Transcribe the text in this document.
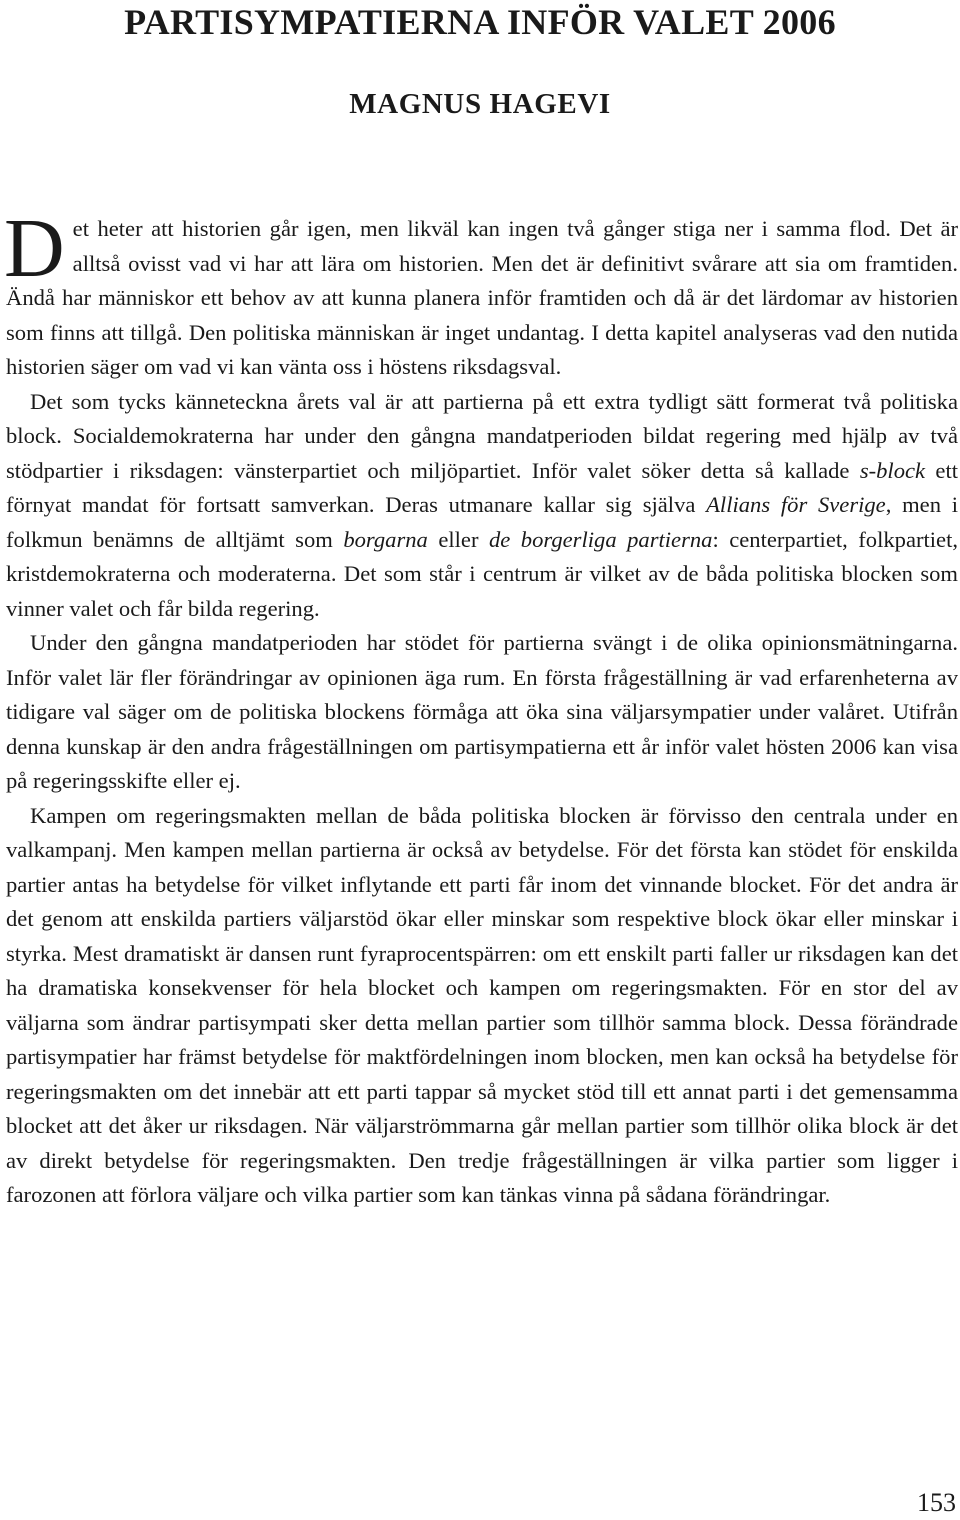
PARTISYMPATIERNA INFÖR VALET 2006
MAGNUS HAGEVI

Det heter att historien går igen, men likväl kan ingen två gånger stiga ner i samma flod. Det är alltså ovisst vad vi har att lära om historien. Men det är definitivt svårare att sia om framtiden. Ändå har människor ett behov av att kunna planera inför framtiden och då är det lärdomar av historien som finns att tillgå. Den politiska människan är inget undantag. I detta kapitel analyseras vad den nutida historien säger om vad vi kan vänta oss i höstens riksdagsval.

Det som tycks känneteckna årets val är att partierna på ett extra tydligt sätt formerat två politiska block. Socialdemokraterna har under den gångna mandatperioden bildat regering med hjälp av två stödpartier i riksdagen: vänsterpartiet och miljöpartiet. Inför valet söker detta så kallade s-block ett förnyat mandat för fortsatt samverkan. Deras utmanare kallar sig själva Allians för Sverige, men i folkmun benämns de alltjämt som borgarna eller de borgerliga partierna: centerpartiet, folkpartiet, kristdemokraterna och moderaterna. Det som står i centrum är vilket av de båda politiska blocken som vinner valet och får bilda regering.

Under den gångna mandatperioden har stödet för partierna svängt i de olika opinionsmätningarna. Inför valet lär fler förändringar av opinionen äga rum. En första frågeställning är vad erfarenheterna av tidigare val säger om de politiska blockens förmåga att öka sina väljarsympatier under valåret. Utifrån denna kunskap är den andra frågeställningen om partisympatierna ett år inför valet hösten 2006 kan visa på regeringsskifte eller ej.

Kampen om regeringsmakten mellan de båda politiska blocken är förvisso den centrala under en valkampanj. Men kampen mellan partierna är också av betydelse. För det första kan stödet för enskilda partier antas ha betydelse för vilket inflytande ett parti får inom det vinnande blocket. För det andra är det genom att enskilda partiers väljarstöd ökar eller minskar som respektive block ökar eller minskar i styrka. Mest dramatiskt är dansen runt fyraprocentspärren: om ett enskilt parti faller ur riksdagen kan det ha dramatiska konsekvenser för hela blocket och kampen om regeringsmakten. För en stor del av väljarna som ändrar partisympati sker detta mellan partier som tillhör samma block. Dessa förändrade partisympatier har främst betydelse för maktfördelningen inom blocken, men kan också ha betydelse för regeringsmakten om det innebär att ett parti tappar så mycket stöd till ett annat parti i det gemensamma blocket att det åker ur riksdagen. När väljarströmmarna går mellan partier som tillhör olika block är det av direkt betydelse för regeringsmakten. Den tredje frågeställningen är vilka partier som ligger i farozonen att förlora väljare och vilka partier som kan tänkas vinna på sådana förändringar.

153
